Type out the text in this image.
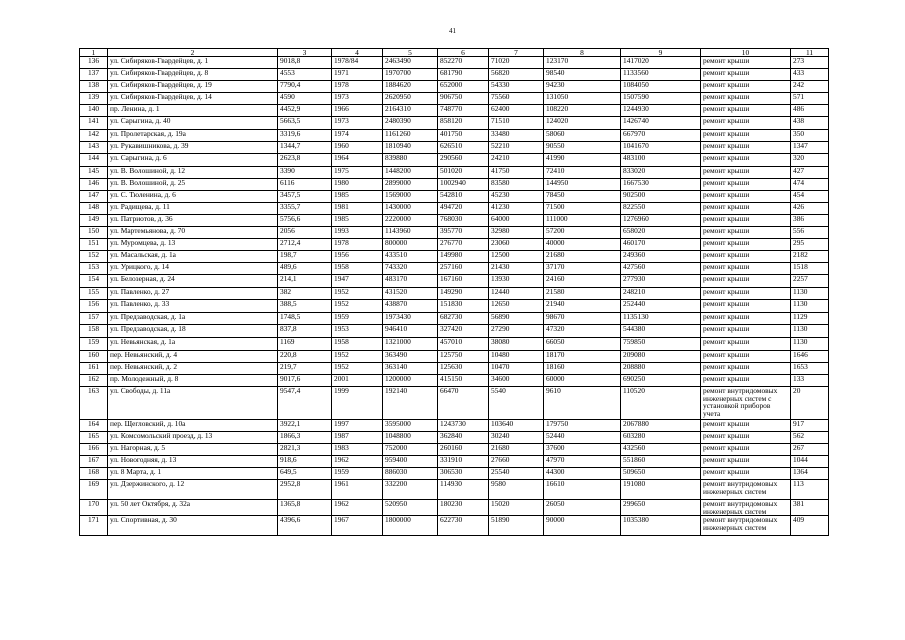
41
1	2	3	4	5	6	7	8	9	10	11
136	ул. Сибиряков-Гвардейцев, д. 1	9018,8	1978/84	2463490	852270	71020	123170	1417020	ремонт крыши	273
137	ул. Сибиряков-Гвардейцев, д. 8	4553	1971	1970700	681790	56820	98540	1133560	ремонт крыши	433
138	ул. Сибиряков-Гвардейцев, д. 19	7790,4	1978	1884620	652000	54330	94230	1084050	ремонт крыши	242
139	ул. Сибиряков-Гвардейцев, д. 14	4590	1973	2620950	906750	75560	131050	1507590	ремонт крыши	571
140	пр. Ленина, д. 1	4452,9	1966	2164310	748770	62400	108220	1244930	ремонт крыши	486
141	ул. Сарыгина, д. 40	5663,5	1973	2480390	858120	71510	124020	1426740	ремонт крыши	438
142	ул. Пролетарская, д. 19а	3319,6	1974	1161260	401750	33480	58060	667970	ремонт крыши	350
143	ул. Рукавишникова, д. 39	1344,7	1960	1810940	626510	52210	90550	1041670	ремонт крыши	1347
144	ул. Сарыгина, д. 6	2623,8	1964	839880	290560	24210	41990	483100	ремонт крыши	320
145	ул. В. Волошиной, д. 12	3390	1975	1448200	501020	41750	72410	833020	ремонт крыши	427
146	ул. В. Волошиной, д. 25	6116	1980	2899000	1002940	83580	144950	1667530	ремонт крыши	474
147	ул. С. Тюленина, д. 6	3457,5	1985	1569000	542810	45230	78450	902500	ремонт крыши	454
148	ул. Радищева, д. 11	3355,7	1981	1430000	494720	41230	71500	822550	ремонт крыши	426
149	ул. Патриотов, д. 36	5756,6	1985	2220000	768030	64000	111000	1276960	ремонт крыши	386
150	ул. Мартемьянова, д. 70	2056	1993	1143960	395770	32980	57200	658020	ремонт крыши	556
151	ул. Муромцева, д. 13	2712,4	1978	800000	276770	23060	40000	460170	ремонт крыши	295
152	ул. Масальская, д. 1а	198,7	1956	433510	149980	12500	21680	249360	ремонт крыши	2182
153	ул. Урицкого, д. 14	489,6	1958	743320	257160	21430	37170	427560	ремонт крыши	1518
154	ул. Белозерная, д. 24	214,1	1947	483170	167160	13930	24160	277930	ремонт крыши	2257
155	ул. Павленко, д. 27	382	1952	431520	149290	12440	21580	248210	ремонт крыши	1130
156	ул. Павленко, д. 33	388,5	1952	438870	151830	12650	21940	252440	ремонт крыши	1130
157	ул. Предзаводская, д. 1а	1748,5	1959	1973430	682730	56890	98670	1135130	ремонт крыши	1129
158	ул. Предзаводская, д. 18	837,8	1953	946410	327420	27290	47320	544380	ремонт крыши	1130
159	ул. Невьянская, д. 1а	1169	1958	1321000	457010	38080	66050	759850	ремонт крыши	1130
160	пер. Невьянский, д. 4	220,8	1952	363490	125750	10480	18170	209080	ремонт крыши	1646
161	пер. Невьянский, д. 2	219,7	1952	363140	125630	10470	18160	208880	ремонт крыши	1653
162	пр. Молодежный, д. 8	9017,6	2001	1200000	415150	34600	60000	690250	ремонт крыши	133
163	ул. Свободы, д. 11а	9547,4	1999	192140	66470	5540	9610	110520	ремонт внутридомовых инженерных систем с установкой приборов учета	20
164	пер. Щегловский, д. 10а	3922,1	1997	3595000	1243730	103640	179750	2067880	ремонт крыши	917
165	ул. Комсомольский проезд, д. 13	1866,3	1987	1048800	362840	30240	52440	603280	ремонт крыши	562
166	ул. Нагорная, д. 5	2821,3	1983	752000	260160	21680	37600	432560	ремонт крыши	267
167	ул. Новогодняя, д. 13	918,6	1962	959400	331910	27660	47970	551860	ремонт крыши	1044
168	ул. 8 Марта, д. 1	649,5	1959	886030	306530	25540	44300	509650	ремонт крыши	1364
169	ул. Дзержинского, д. 12	2952,8	1961	332200	114930	9580	16610	191080	ремонт внутридомовых инженерных систем	113
170	ул. 50 лет Октября, д. 32а	1365,8	1962	520950	180230	15020	26050	299650	ремонт внутридомовых инженерных систем	381
171	ул. Спортивная, д. 30	4396,6	1967	1800000	622730	51890	90000	1035380	ремонт внутридомовых инженерных систем	409
